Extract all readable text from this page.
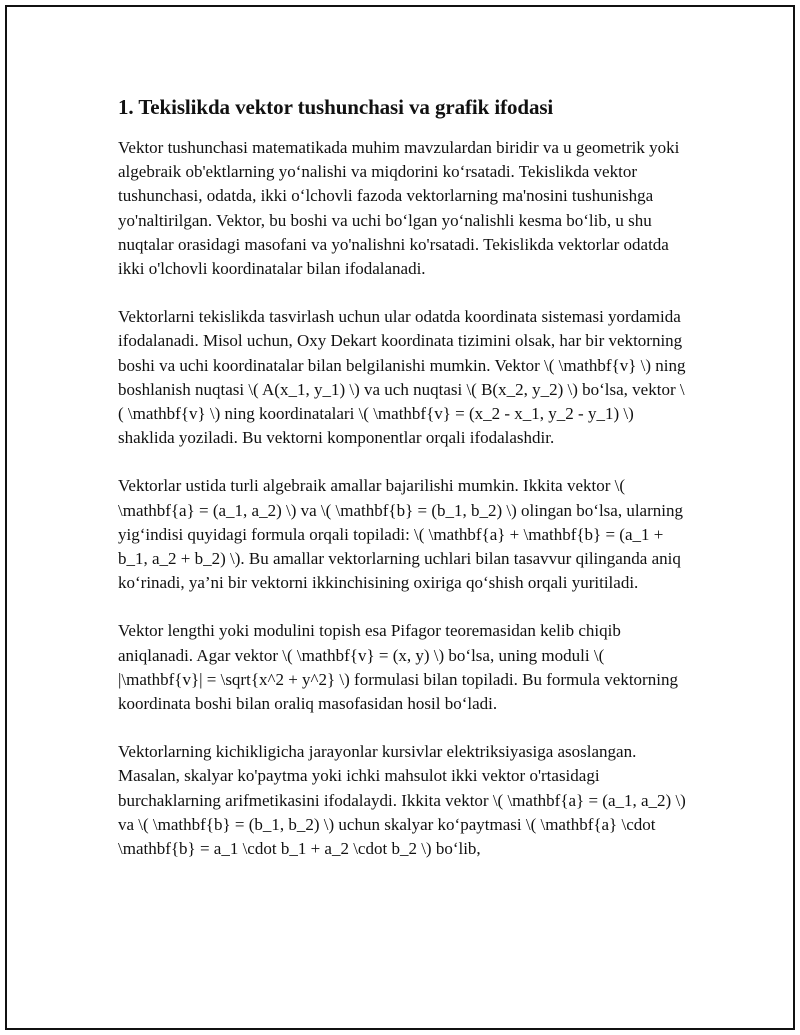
1. Tekislikda vektor tushunchasi va grafik ifodasi

Vektor tushunchasi matematikada muhim mavzulardan biridir va u geometrik yoki algebraik ob'ektlarning yo‘nalishi va miqdorini ko‘rsatadi. Tekislikda vektor tushunchasi, odatda, ikki o‘lchovli fazoda vektorlarning ma'nosini tushunishga yo'naltirilgan. Vektor, bu boshi va uchi bo‘lgan yo‘nalishli kesma bo‘lib, u shu nuqtalar orasidagi masofani va yo'nalishni ko'rsatadi. Tekislikda vektorlar odatda ikki o'lchovli koordinatalar bilan ifodalanadi.

Vektorlarni tekislikda tasvirlash uchun ular odatda koordinata sistemasi yordamida ifodalanadi. Misol uchun, Oxy Dekart koordinata tizimini olsak, har bir vektorning boshi va uchi koordinatalar bilan belgilanishi mumkin. Vektor \( \mathbf{v} \) ning boshlanish nuqtasi \( A(x_1, y_1) \) va uch nuqtasi \( B(x_2, y_2) \) bo‘lsa, vektor \( \mathbf{v} \) ning koordinatalari \( \mathbf{v} = (x_2 - x_1, y_2 - y_1) \) shaklida yoziladi. Bu vektorni komponentlar orqali ifodalashdir.

Vektorlar ustida turli algebraik amallar bajarilishi mumkin. Ikkita vektor \( \mathbf{a} = (a_1, a_2) \) va \( \mathbf{b} = (b_1, b_2) \) olingan bo‘lsa, ularning yig‘indisi quyidagi formula orqali topiladi: \( \mathbf{a} + \mathbf{b} = (a_1 + b_1, a_2 + b_2) \). Bu amallar vektorlarning uchlari bilan tasavvur qilinganda aniq ko‘rinadi, ya’ni bir vektorni ikkinchisining oxiriga qo‘shish orqali yuritiladi.

Vektor lengthi yoki modulini topish esa Pifagor teoremasidan kelib chiqib aniqlanadi. Agar vektor \( \mathbf{v} = (x, y) \) bo‘lsa, uning moduli \( |\mathbf{v}| = \sqrt{x^2 + y^2} \) formulasi bilan topiladi. Bu formula vektorning koordinata boshi bilan oraliq masofasidan hosil bo‘ladi.

Vektorlarning kichikligicha jarayonlar kursivlar elektriksiyasiga asoslangan. Masalan, skalyar ko'paytma yoki ichki mahsulot ikki vektor o'rtasidagi burchaklarning arifmetikasini ifodalaydi. Ikkita vektor \( \mathbf{a} = (a_1, a_2) \) va \( \mathbf{b} = (b_1, b_2) \) uchun skalyar ko‘paytmasi \( \mathbf{a} \cdot \mathbf{b} = a_1 \cdot b_1 + a_2 \cdot b_2 \) bo‘lib,
